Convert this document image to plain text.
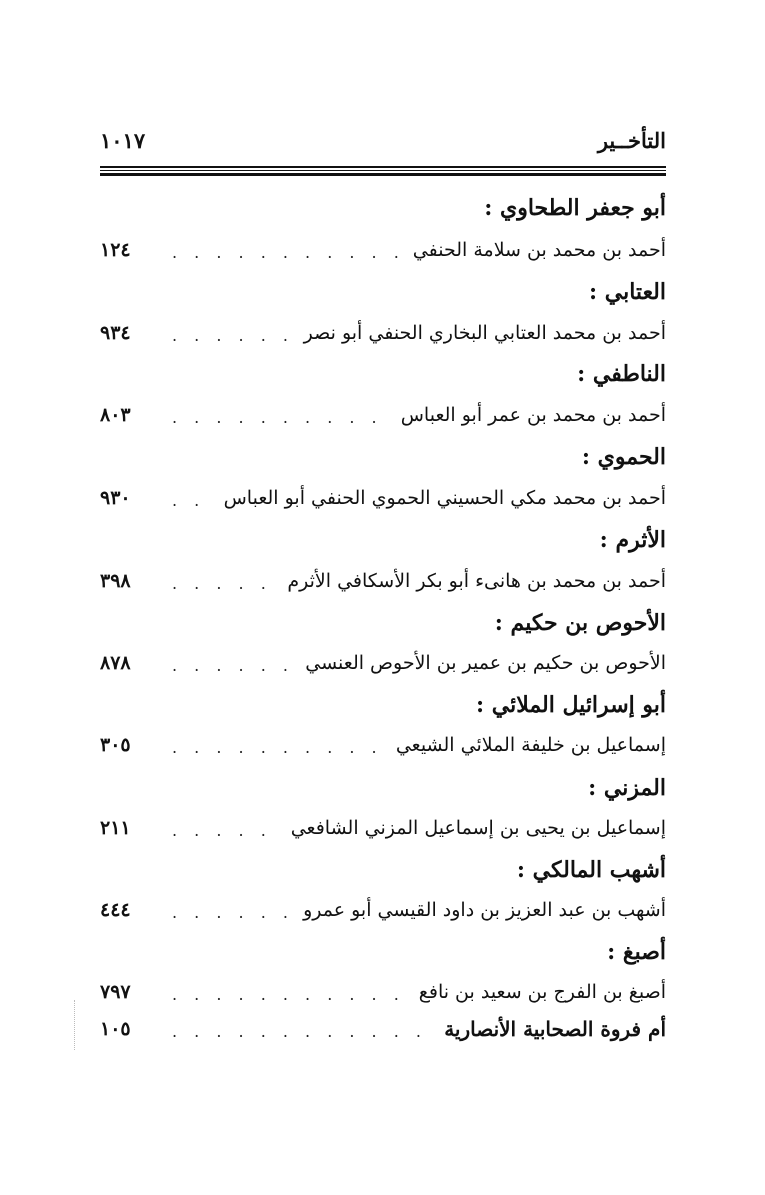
التأخــير
١٠١٧
أبو جعفر الطحاوي :
أحمد بن محمد بن سلامة الحنفي
. . .
١٢٤
العتابي :
أحمد بن محمد العتابي البخاري الحنفي أبو نصر
. . .
٩٣٤
الناطفي :
أحمد بن محمد بن عمر أبو العباس
. . .
٨٠٣
الحموي :
أحمد بن محمد مكي الحسيني الحموي الحنفي أبو العباس
. . .
٩٣٠
الأثرم :
أحمد بن محمد بن هانىء أبو بكر الأسكافي الأثرم
. . .
٣٩٨
الأحوص بن حكيم :
الأحوص بن حكيم بن عمير بن الأحوص العنسي
. . .
٨٧٨
أبو إسرائيل الملائي :
إسماعيل بن خليفة الملائي الشيعي
. . .
٣٠٥
المزني :
إسماعيل بن يحيى بن إسماعيل المزني الشافعي
. . .
٢١١
أشهب المالكي :
أشهب بن عبد العزيز بن داود القيسي أبو عمرو
. . .
٤٤٤
أصبغ :
أصبغ بن الفرج بن سعيد بن نافع
. . .
٧٩٧
أم فروة الصحابية الأنصارية
. . .
١٠٥
